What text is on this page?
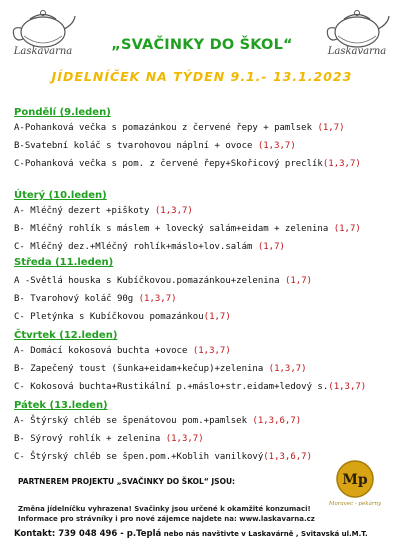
Laskavarna	Laskavarna
„SVAČINKY DO ŠKOL“
JÍDELNÍČEK NA TÝDEN 9.1.- 13.1.2023
Pondělí (9.leden)
A-Pohanková večka s pomazánkou z červené řepy + pamlsek (1,7)
B-Svatební koláč s tvarohovou náplní + ovoce (1,3,7)
C-Pohanková večka s pom. z červené řepy+Skořicový preclík(1,3,7)
Úterý (10.leden)
A- Mléčný dezert +piškoty (1,3,7)
B- Mléčný rohlík s máslem + lovecký salám+eidam + zelenina (1,7)
C- Mléčný dez.+Mléčný rohlík+máslo+lov.salám (1,7)
Středa (11.leden)
A -Světlá houska s Kubíčkovou.pomazánkou+zelenina (1,7)
B- Tvarohový koláč 90g (1,3,7)
C- Pletýnka s Kubíčkovou pomazánkou(1,7)
Čtvrtek (12.leden)
A- Domácí kokosová buchta +ovoce (1,3,7)
B- Zapečený toust (šunka+eidam+kečup)+zelenina (1,3,7)
C- Kokosová buchta+Rustikální p.+máslo+str.eidam+ledový s.(1,3,7)
Pátek (13.leden)
A- Štýrský chléb se špenátovou pom.+pamlsek (1,3,6,7)
B- Sýrový rohlík + zelenina (1,3,7)
C- Štýrský chléb se špen.pom.+Koblih vanilkový(1,3,6,7)
PARTNEREM PROJEKTU „SVAČINKY DO ŠKOL“ JSOU:	Mp
Moravec - pekárny
Změna jídelníčku vyhrazena! Svačinky jsou určené k okamžité konzumaci!
Informace pro strávníky i pro nové zájemce najdete na: www.laskavarna.cz
Kontakt: 739 048 496 - p.Teplá nebo nás navštivte v Laskavárně , Svitavská ul.M.T.
